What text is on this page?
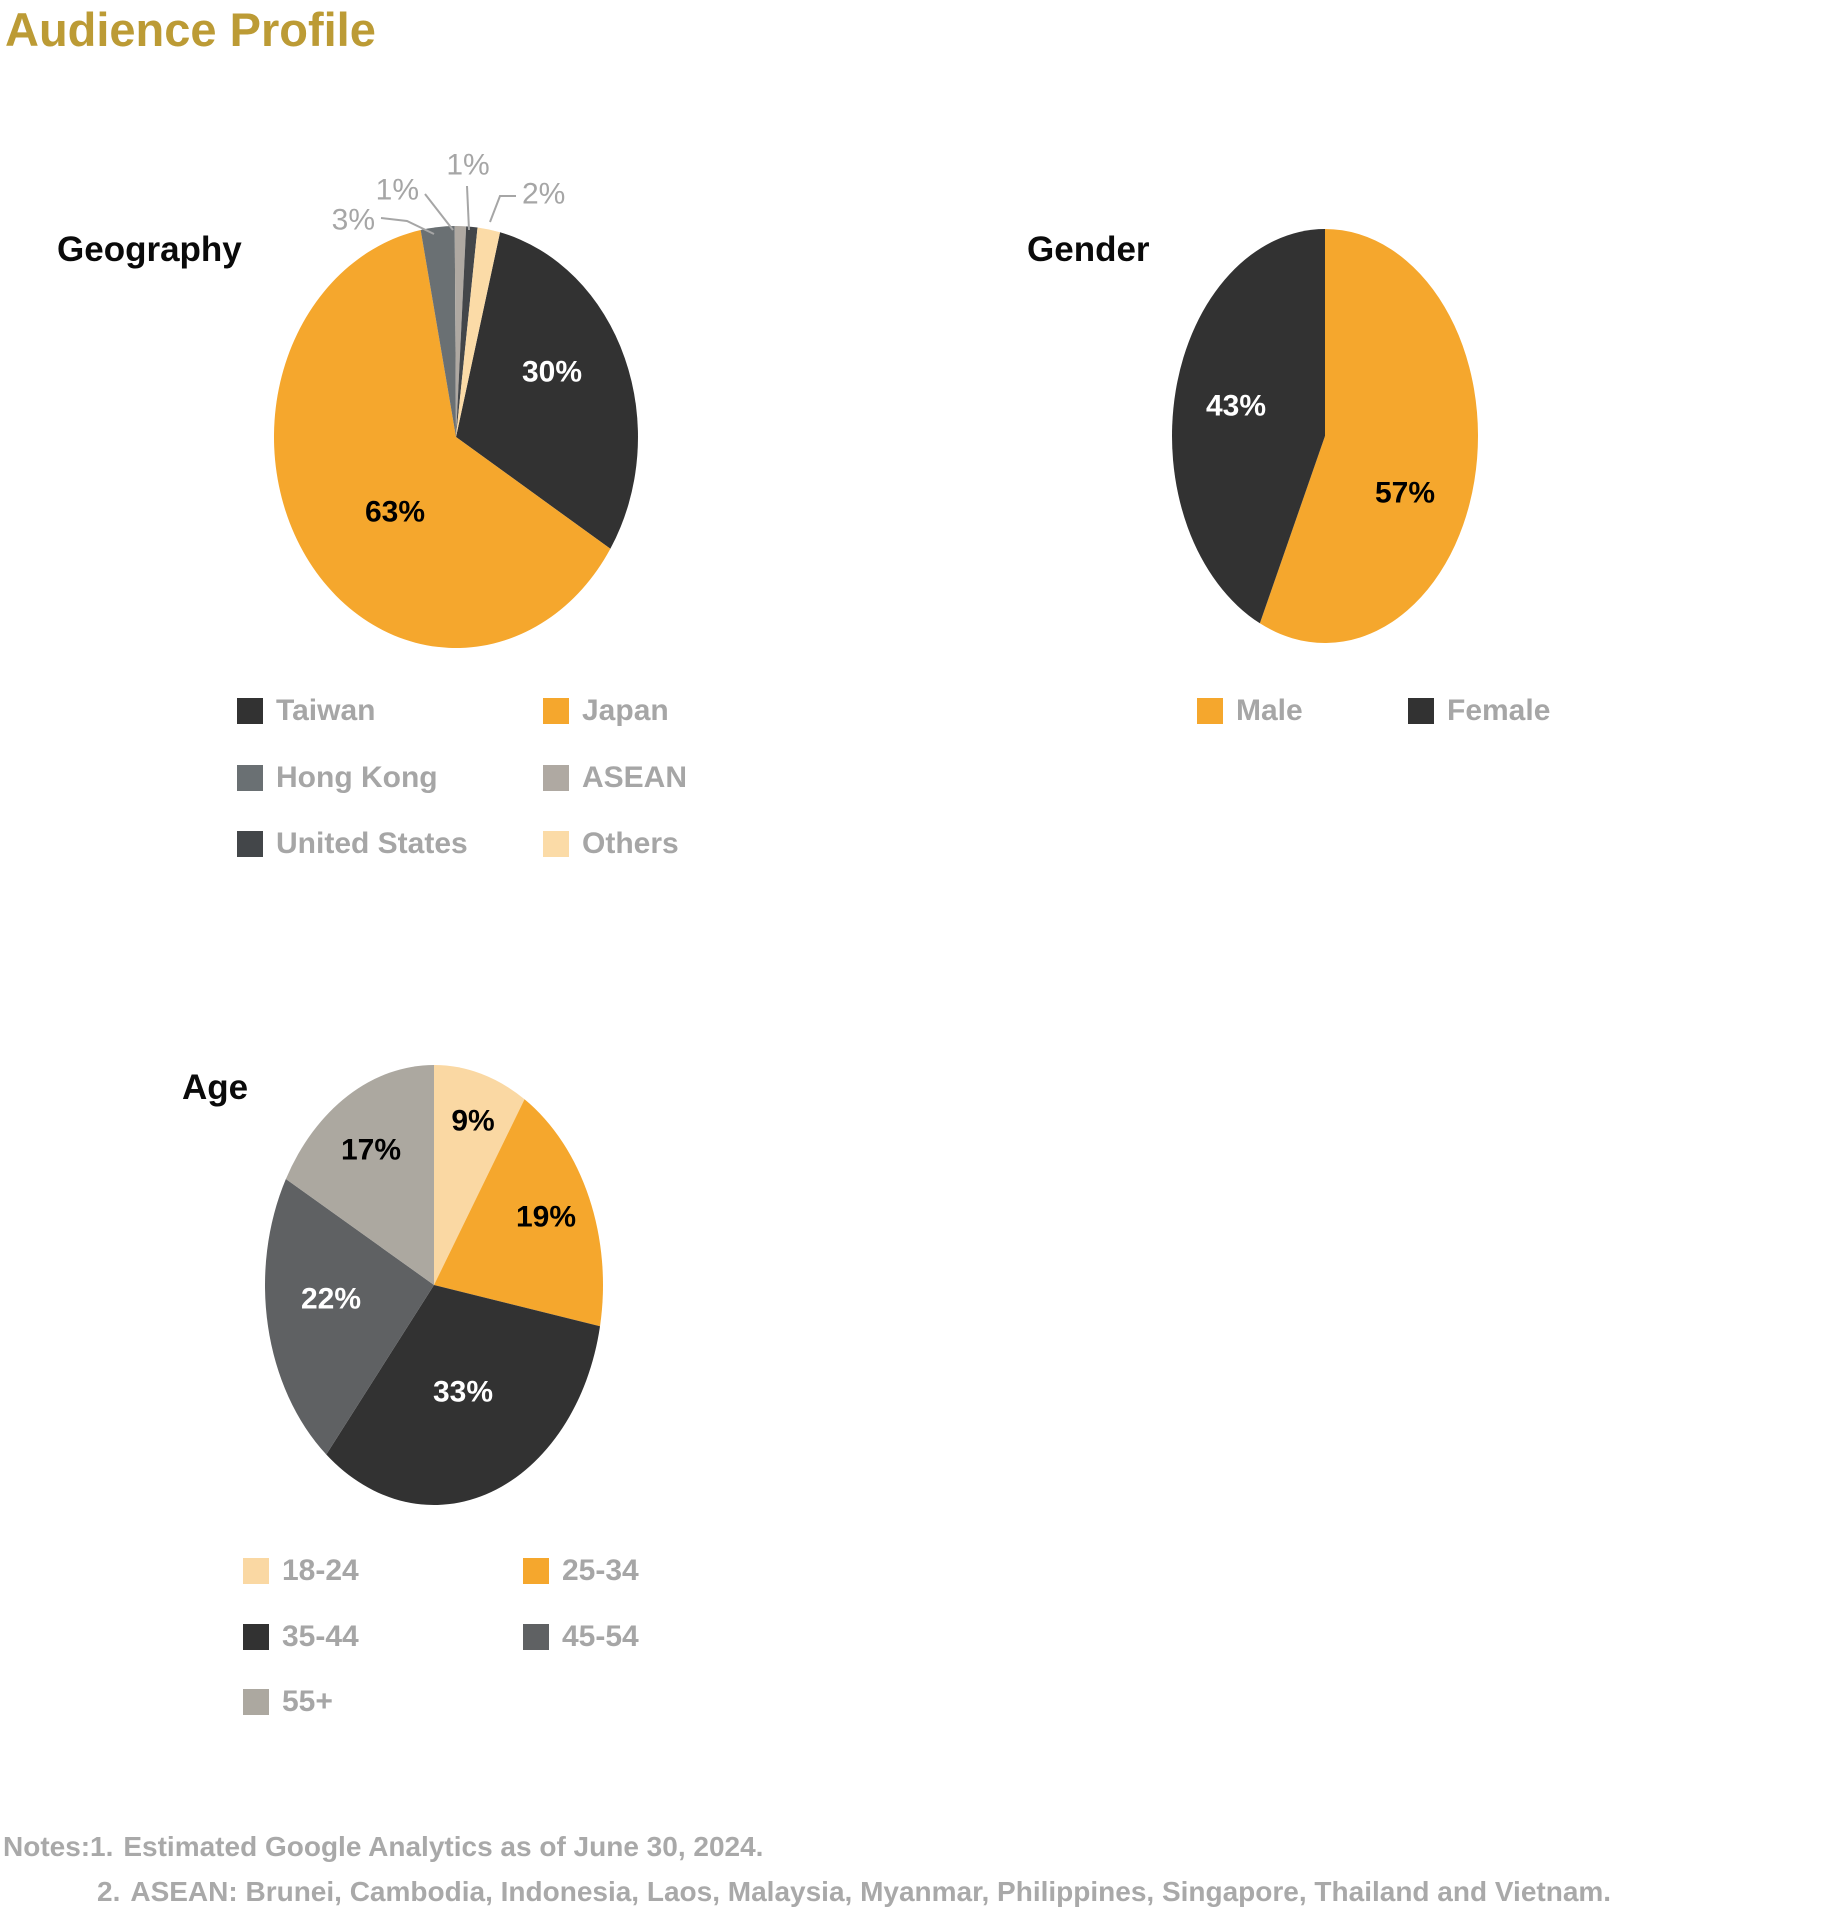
Audience Profile
30%
63%
3%
1%
1%
2%
57%
43%
9%
19%
33%
22%
17%
Geography	Gender
Age
Taiwan	Japan
Hong Kong	ASEAN
United States	Others
Male	Female
18-24	25-34
35-44	45-54
55+
Notes: 1. Estimated Google Analytics as of June 30, 2024.
2. ASEAN: Brunei, Cambodia, Indonesia, Laos, Malaysia, Myanmar, Philippines, Singapore, Thailand and Vietnam.
